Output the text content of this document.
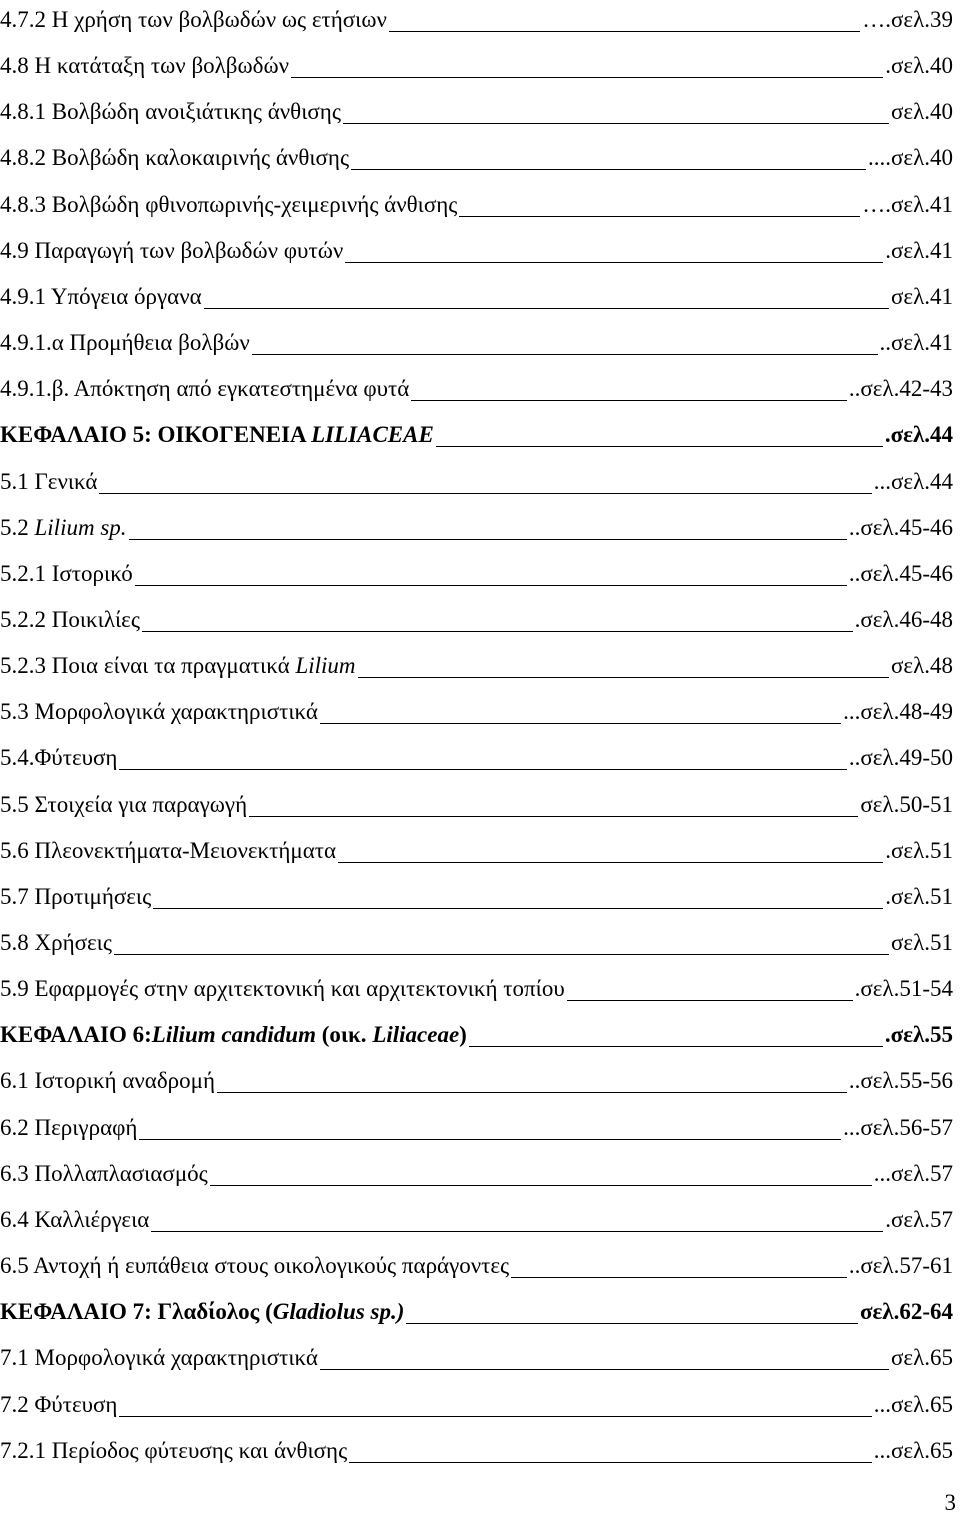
4.7.2 Η χρήση των βολβωδών ως ετήσιων	….σελ.39
4.8 Η κατάταξη των βολβωδών	.σελ.40
4.8.1 Βολβώδη ανοιξιάτικης άνθισης	σελ.40
4.8.2 Βολβώδη καλοκαιρινής άνθισης	....σελ.40
4.8.3 Βολβώδη φθινοπωρινής-χειμερινής άνθισης	….σελ.41
4.9 Παραγωγή των βολβωδών φυτών	.σελ.41
4.9.1 Υπόγεια όργανα	σελ.41
4.9.1.α Προμήθεια βολβών	..σελ.41
4.9.1.β. Απόκτηση από εγκατεστημένα φυτά	..σελ.42-43
ΚΕΦΑΛΑΙΟ 5: ΟΙΚΟΓΕΝΕΙΑ LILIACEAE	.σελ.44
5.1 Γενικά	...σελ.44
5.2 Lilium sp.	..σελ.45-46
5.2.1 Ιστορικό	..σελ.45-46
5.2.2 Ποικιλίες	.σελ.46-48
5.2.3 Ποια είναι τα πραγματικά Lilium	σελ.48
5.3 Μορφολογικά χαρακτηριστικά	...σελ.48-49
5.4.Φύτευση	..σελ.49-50
5.5 Στοιχεία για παραγωγή	σελ.50-51
5.6 Πλεονεκτήματα-Μειονεκτήματα	.σελ.51
5.7 Προτιμήσεις	.σελ.51
5.8 Χρήσεις	σελ.51
5.9 Εφαρμογές στην αρχιτεκτονική και αρχιτεκτονική τοπίου	.σελ.51-54
ΚΕΦΑΛΑΙΟ 6:Lilium candidum (οικ. Liliaceae)	.σελ.55
6.1 Ιστορική αναδρομή	..σελ.55-56
6.2 Περιγραφή	...σελ.56-57
6.3 Πολλαπλασιασμός	...σελ.57
6.4 Καλλιέργεια	.σελ.57
6.5 Αντοχή ή ευπάθεια στους οικολογικούς παράγοντες	..σελ.57-61
ΚΕΦΑΛΑΙΟ 7: Γλαδίολος (Gladiolus sp.)	σελ.62-64
7.1 Μορφολογικά χαρακτηριστικά	σελ.65
7.2 Φύτευση	...σελ.65
7.2.1 Περίοδος φύτευσης και άνθισης	...σελ.65
3
